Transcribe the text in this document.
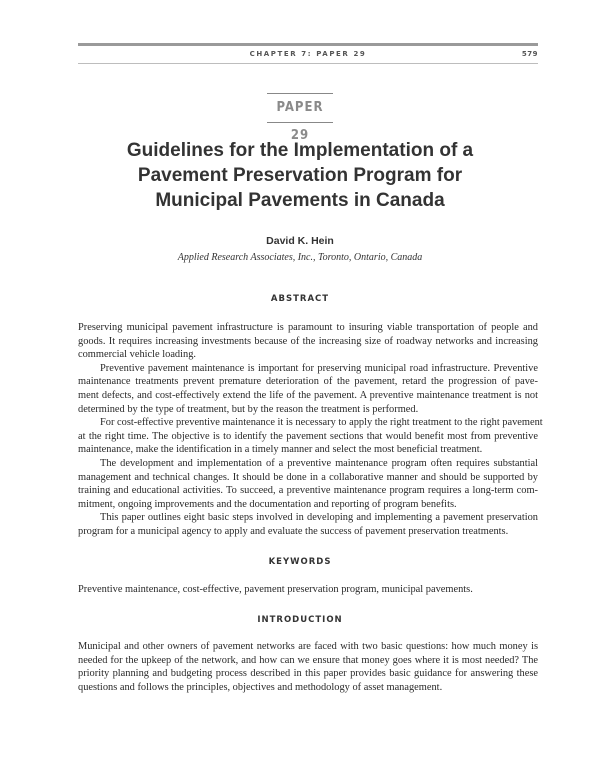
CHAPTER 7: PAPER 29	579
PAPER 29
Guidelines for the Implementation of a
Pavement Preservation Program for
Municipal Pavements in Canada
David K. Hein
Applied Research Associates, Inc., Toronto, Ontario, Canada
ABSTRACT
Preserving municipal pavement infrastructure is paramount to insuring viable transportation of people and
goods. It requires increasing investments because of the increasing size of roadway networks and increasing
commercial vehicle loading.
Preventive pavement maintenance is important for preserving municipal road infrastructure. Preventive
maintenance treatments prevent premature deterioration of the pavement, retard the progression of pave-
ment defects, and cost-effectively extend the life of the pavement. A preventive maintenance treatment is not
determined by the type of treatment, but by the reason the treatment is performed.
For cost-effective preventive maintenance it is necessary to apply the right treatment to the right pavement
at the right time. The objective is to identify the pavement sections that would benefit most from preventive
maintenance, make the identification in a timely manner and select the most beneficial treatment.
The development and implementation of a preventive maintenance program often requires substantial
management and technical changes. It should be done in a collaborative manner and should be supported by
training and educational activities. To succeed, a preventive maintenance program requires a long-term com-
mitment, ongoing improvements and the documentation and reporting of program benefits.
This paper outlines eight basic steps involved in developing and implementing a pavement preservation
program for a municipal agency to apply and evaluate the success of pavement preservation treatments.
KEYWORDS
Preventive maintenance, cost-effective, pavement preservation program, municipal pavements.
INTRODUCTION
Municipal and other owners of pavement networks are faced with two basic questions: how much money is
needed for the upkeep of the network, and how can we ensure that money goes where it is most needed? The
priority planning and budgeting process described in this paper provides basic guidance for answering these
questions and follows the principles, objectives and methodology of asset management.
